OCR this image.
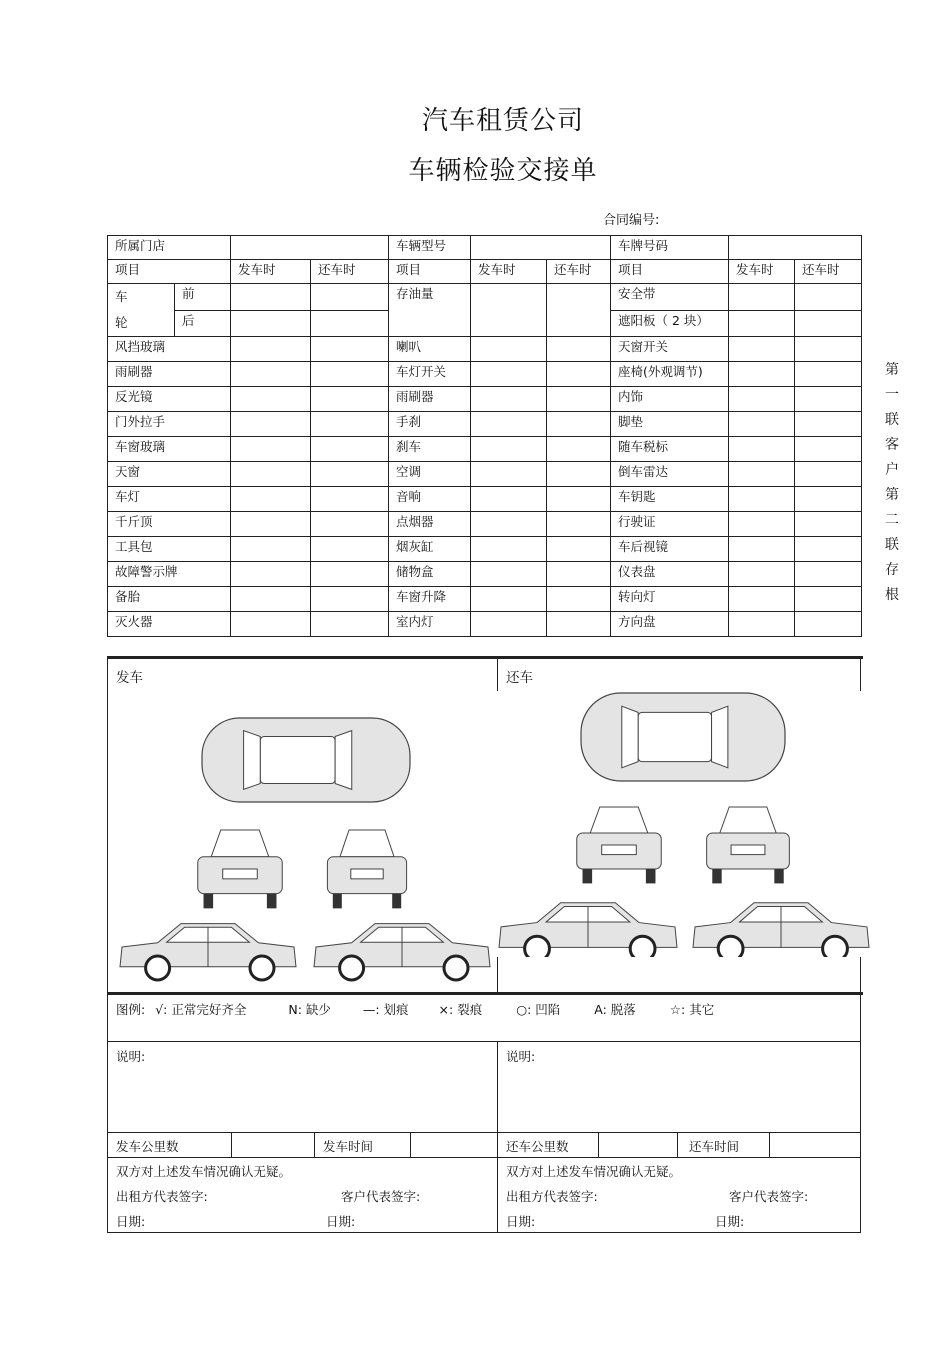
汽车租赁公司
车辆检验交接单
合同编号:
第
一
联
客
户
第
二
联
存
根
所属门店				车辆型号			车牌号码		
项目		发车时	还车时	项目	发车时	还车时	项目	发车时	还车时
车
轮	前			存油量			安全带		
	后						遮阳板（ 2 块）		
风挡玻璃				喇叭			天窗开关		
雨刷器				车灯开关			座椅(外观调节)		
反光镜				雨刷器			内饰		
门外拉手				手刹			脚垫		
车窗玻璃				刹车			随车税标		
天窗				空调			倒车雷达		
车灯				音响			车钥匙		
千斤顶				点烟器			行驶证		
工具包				烟灰缸			车后视镜		
故障警示牌				储物盒			仪表盘		
备胎				车窗升降			转向灯		
灭火器				室内灯			方向盘		
发车	还车
图例: √: 正常完好齐全	N: 缺少	—: 划痕 ×: 裂痕	○: 凹陷	A: 脱落	☆: 其它
说明:	说明:
发车公里数	发车时间	还车公里数	还车时间
双方对上述发车情况确认无疑。	双方对上述发车情况确认无疑。
出租方代表签字:	客户代表签字:	出租方代表签字:	客户代表签字:
日期:	日期:	日期:	日期:
